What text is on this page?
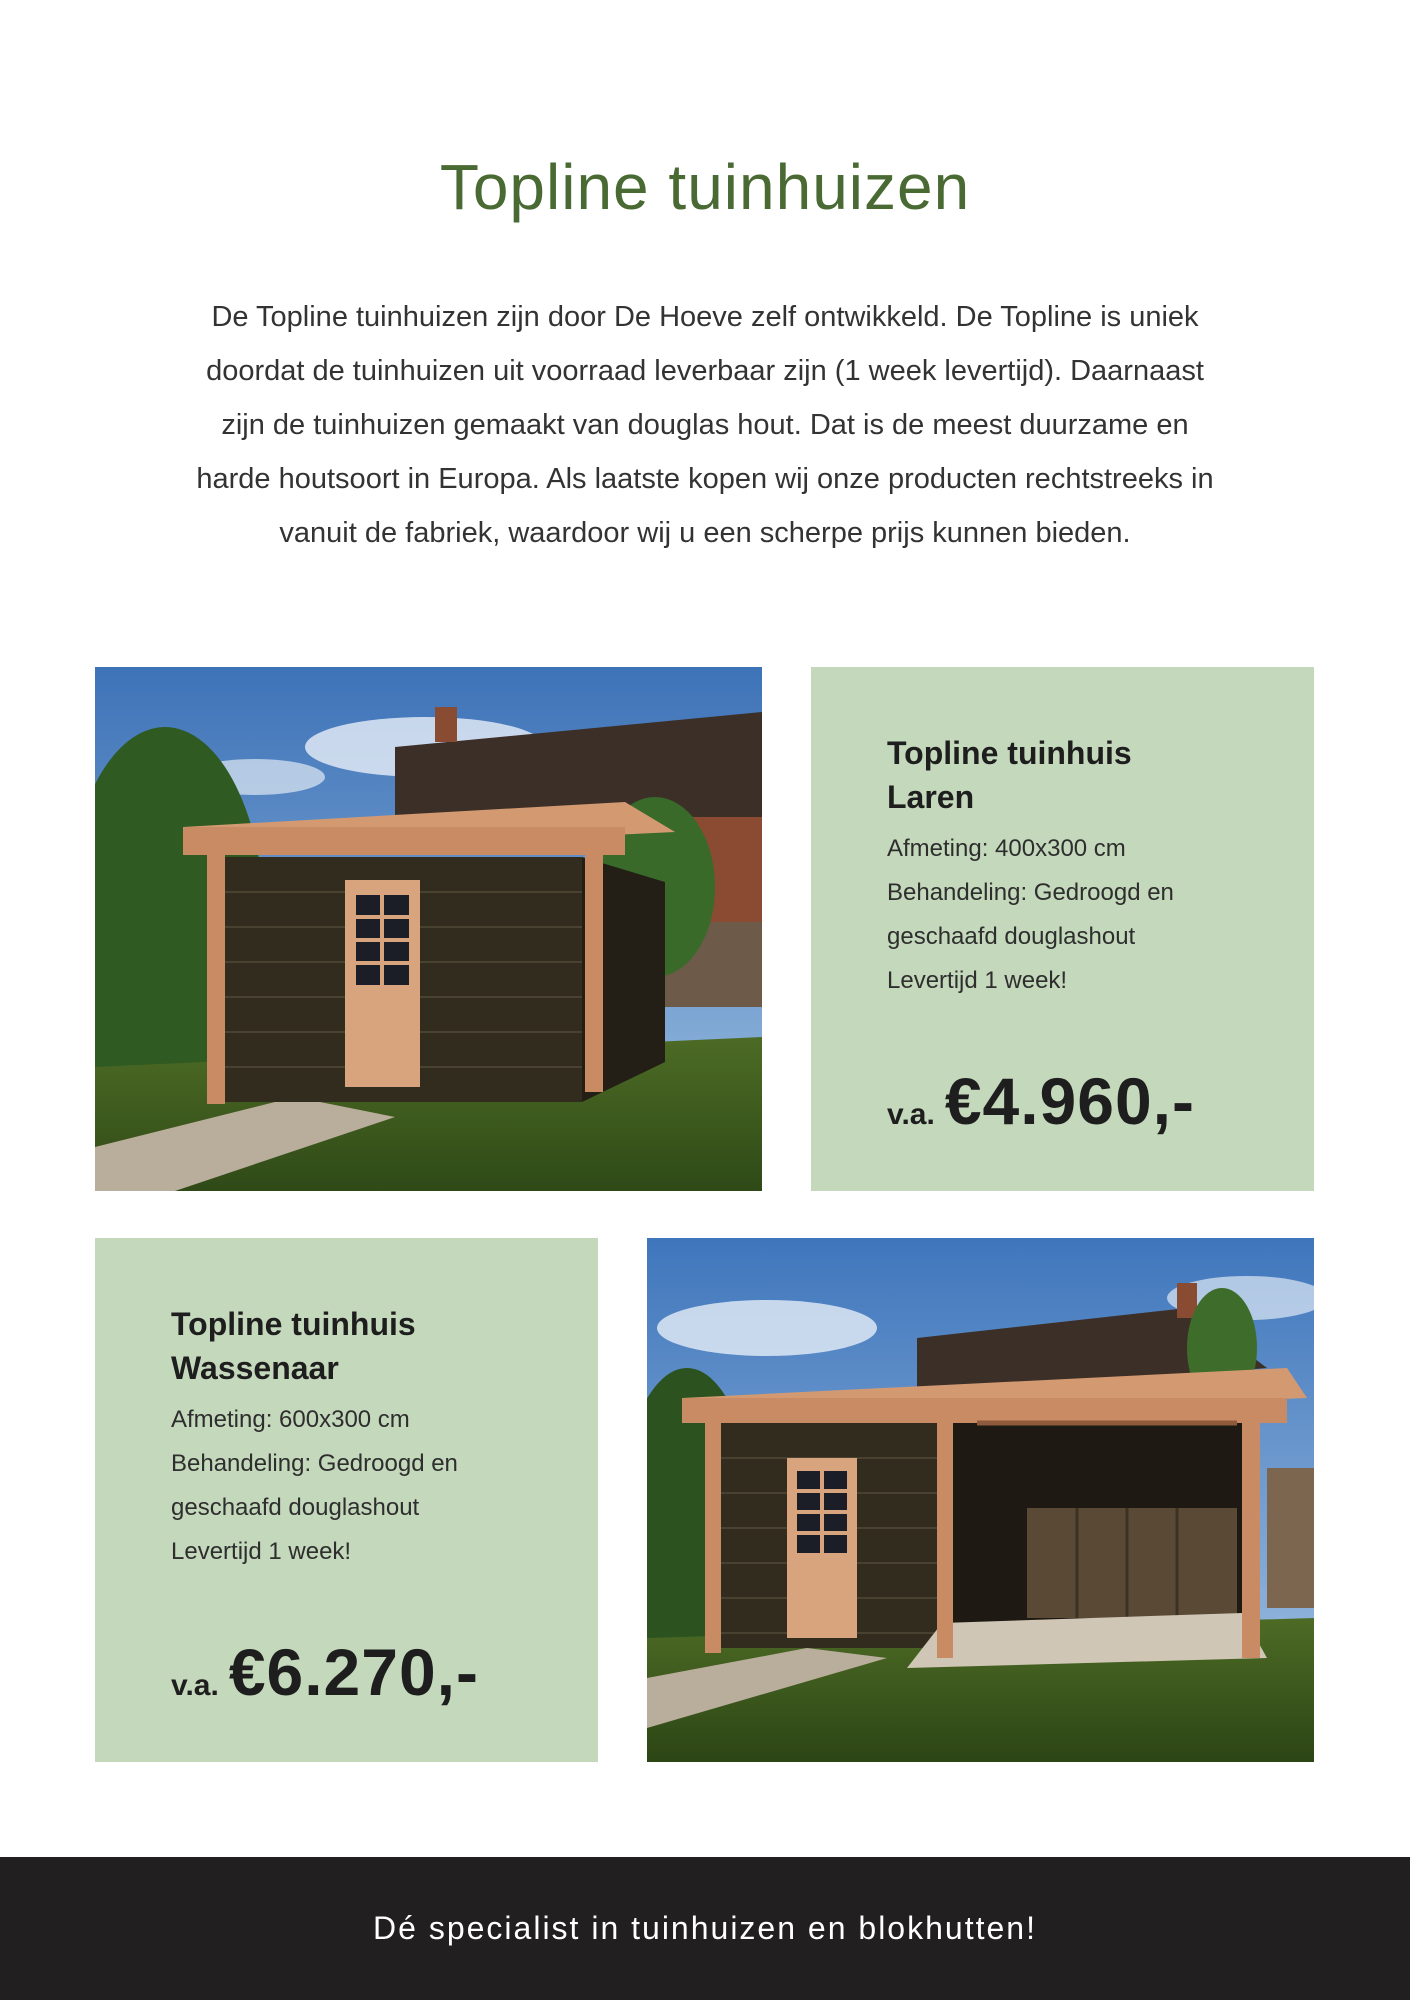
Topline tuinhuizen
De Topline tuinhuizen zijn door De Hoeve zelf ontwikkeld. De Topline is uniek
doordat de tuinhuizen uit voorraad leverbaar zijn (1 week levertijd). Daarnaast
zijn de tuinhuizen gemaakt van douglas hout. Dat is de meest duurzame en
harde houtsoort in Europa. Als laatste kopen wij onze producten rechtstreeks in
vanuit de fabriek, waardoor wij u een scherpe prijs kunnen bieden.
Topline tuinhuis
Laren
Afmeting: 400x300 cm
Behandeling: Gedroogd en
geschaafd douglashout
Levertijd 1 week!
v.a. €4.960,-
Topline tuinhuis
Wassenaar
Afmeting: 600x300 cm
Behandeling: Gedroogd en
geschaafd douglashout
Levertijd 1 week!
v.a. €6.270,-
Dé specialist in tuinhuizen en blokhutten!
